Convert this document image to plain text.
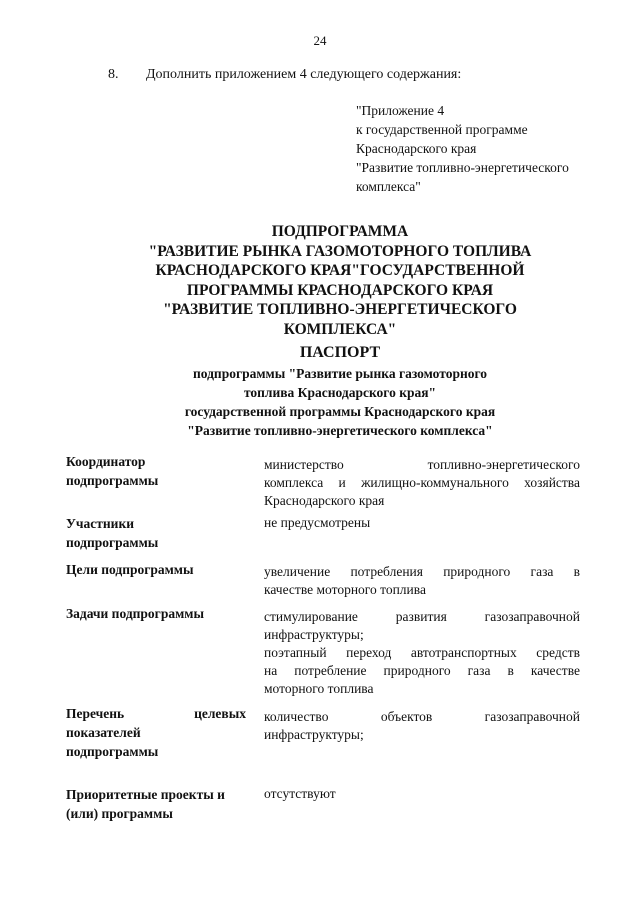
24
8. Дополнить приложением 4 следующего содержания:
"Приложение 4
к государственной программе
Краснодарского края
"Развитие топливно-энергетического
комплекса"
ПОДПРОГРАММА
"РАЗВИТИЕ РЫНКА ГАЗОМОТОРНОГО ТОПЛИВА
КРАСНОДАРСКОГО КРАЯ"ГОСУДАРСТВЕННОЙ
ПРОГРАММЫ КРАСНОДАРСКОГО КРАЯ
"РАЗВИТИЕ ТОПЛИВНО-ЭНЕРГЕТИЧЕСКОГО
КОМПЛЕКСА"
ПАСПОРТ
подпрограммы "Развитие рынка газомоторного
топлива Краснодарского края"
государственной программы Краснодарского края
"Развитие топливно-энергетического комплекса"
Координатор
подпрограммы
министерство топливно-энергетического
комплекса и жилищно-коммунального хозяйства
Краснодарского края
Участники
подпрограммы
не предусмотрены
Цели подпрограммы	увеличение потребления природного газа в
качестве моторного топлива
Задачи подпрограммы	стимулирование развития газозаправочной
инфраструктуры;
поэтапный переход автотранспортных средств
на потребление природного газа в качестве
моторного топлива
Перечень целевых
показателей
подпрограммы
количество объектов газозаправочной
инфраструктуры;
Приоритетные проекты и
(или) программы
отсутствуют
